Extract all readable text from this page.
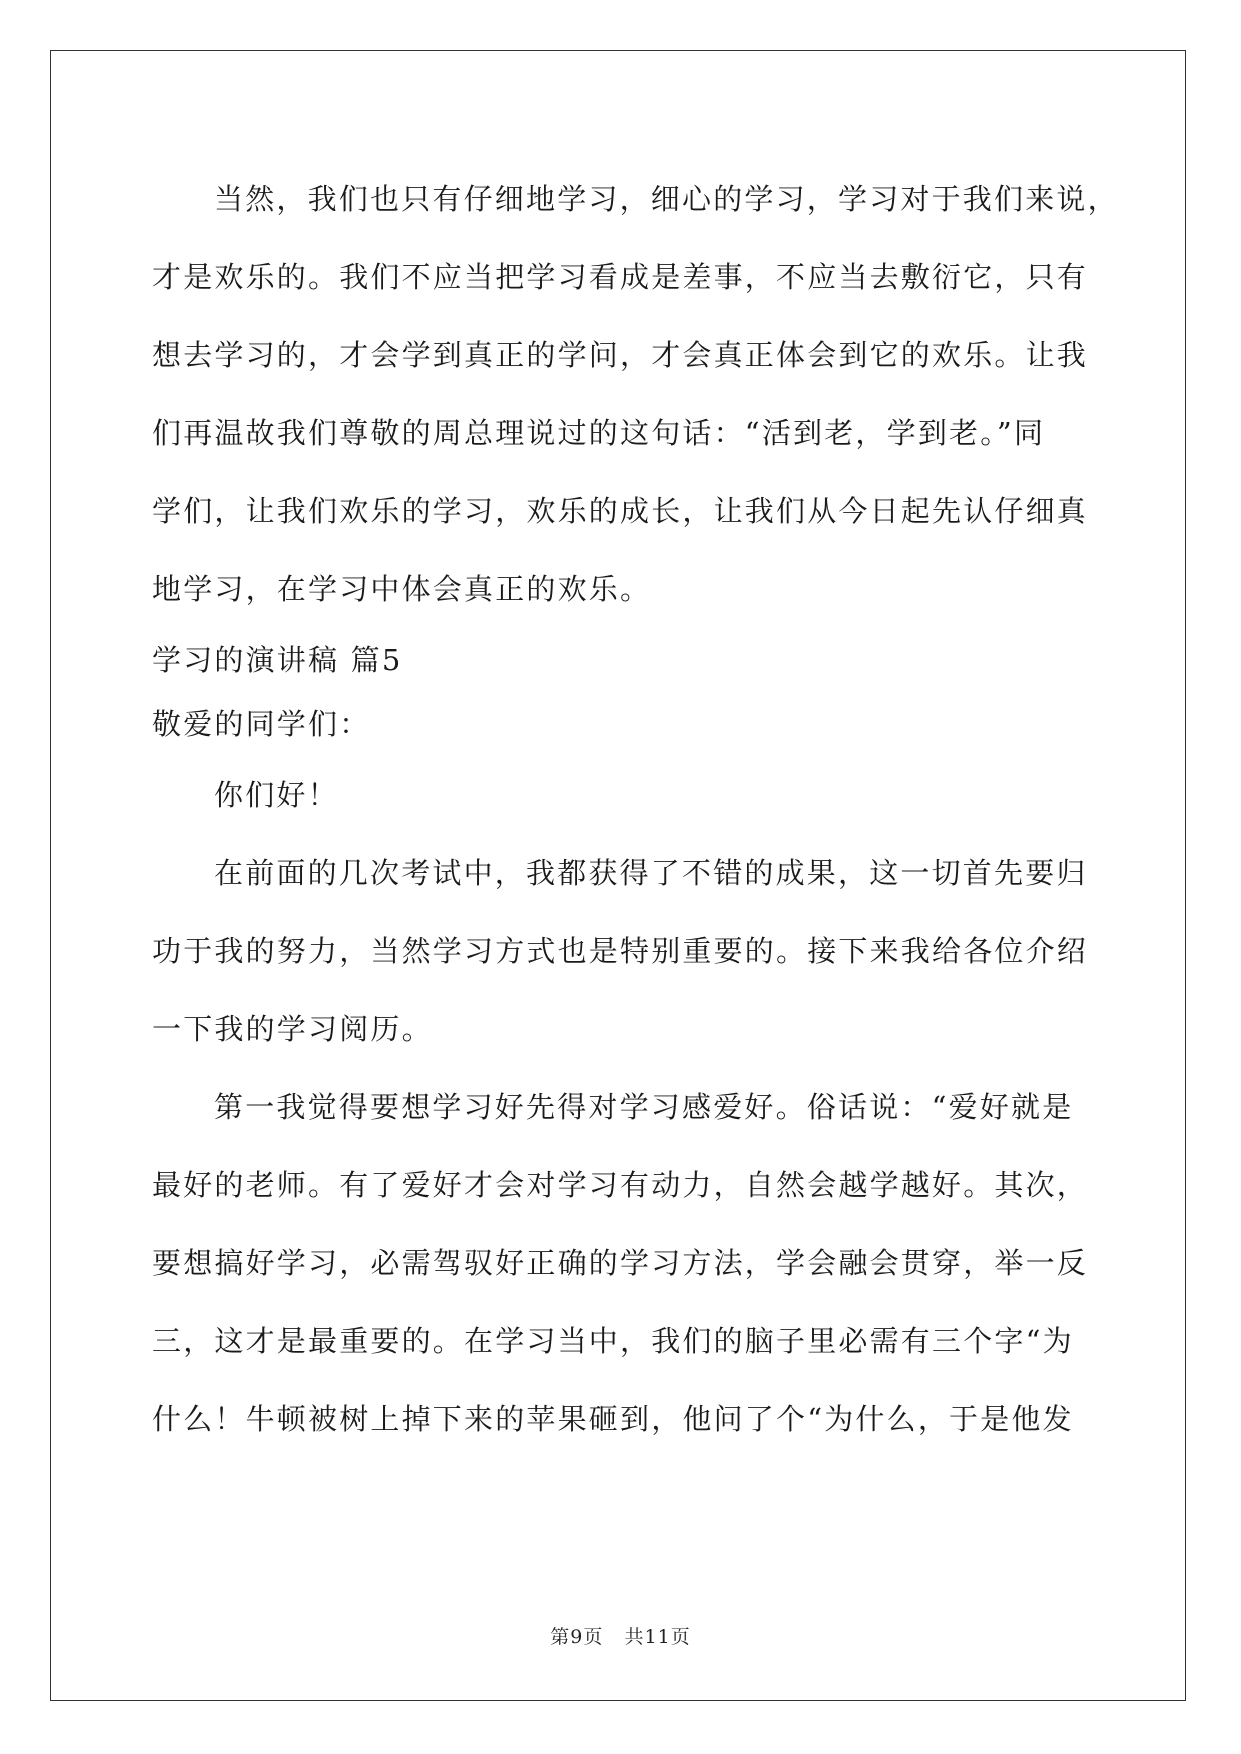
当然，我们也只有仔细地学习，细心的学习，学习对于我们来说，
才是欢乐的。我们不应当把学习看成是差事，不应当去敷衍它，只有
想去学习的，才会学到真正的学问，才会真正体会到它的欢乐。让我
们再温故我们尊敬的周总理说过的这句话：“活到老，学到老。”同
学们，让我们欢乐的学习，欢乐的成长，让我们从今日起先认仔细真
地学习，在学习中体会真正的欢乐。
学习的演讲稿 篇5
敬爱的同学们：
你们好！
在前面的几次考试中，我都获得了不错的成果，这一切首先要归
功于我的努力，当然学习方式也是特别重要的。接下来我给各位介绍
一下我的学习阅历。
第一我觉得要想学习好先得对学习感爱好。俗话说：“爱好就是
最好的老师。有了爱好才会对学习有动力，自然会越学越好。其次，
要想搞好学习，必需驾驭好正确的学习方法，学会融会贯穿，举一反
三，这才是最重要的。在学习当中，我们的脑子里必需有三个字“为
什么！牛顿被树上掉下来的苹果砸到，他问了个“为什么，于是他发
第9页 共11页
